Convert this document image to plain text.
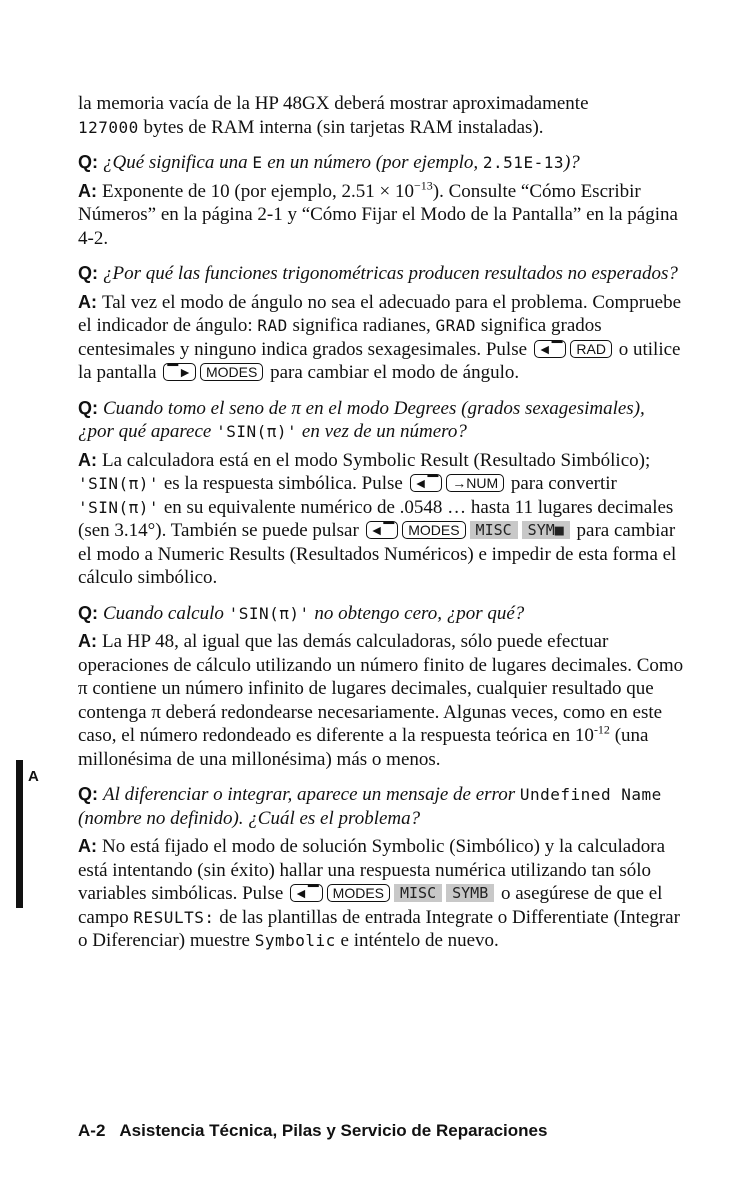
la memoria vacía de la HP 48GX deberá mostrar aproximadamente
127000 bytes de RAM interna (sin tarjetas RAM instaladas).

Q: ¿Qué significa una E en un número (por ejemplo, 2.51E-13)?

A: Exponente de 10 (por ejemplo, $2.51 \times 10^{-13}$). Consulte “Cómo Escribir Números” en la página 2-1 y “Cómo Fijar el Modo de la Pantalla” en la página 4-2.

Q: ¿Por qué las funciones trigonométricas producen resultados no esperados?

A: Tal vez el modo de ángulo no sea el adecuado para el problema. Compruebe el indicador de ángulo: RAD significa radianes, GRAD significa grados centesimales y ninguno indica grados sexagesimales. Pulse ◄▔ RAD o utilice la pantalla ▔► MODES para cambiar el modo de ángulo.

Q: Cuando tomo el seno de π en el modo Degrees (grados sexagesimales), ¿por qué aparece 'SIN(π)' en vez de un número?

A: La calculadora está en el modo Symbolic Result (Resultado Simbólico); 'SIN(π)' es la respuesta simbólica. Pulse ◄▔ →NUM para convertir 'SIN(π)' en su equivalente numérico de .0548 … hasta 11 lugares decimales (sen 3.14°). También se puede pulsar ◄▔ MODES MISC SYM■ para cambiar el modo a Numeric Results (Resultados Numéricos) e impedir de esta forma el cálculo simbólico.

Q: Cuando calculo 'SIN(π)' no obtengo cero, ¿por qué?

A: La HP 48, al igual que las demás calculadoras, sólo puede efectuar operaciones de cálculo utilizando un número finito de lugares decimales. Como π contiene un número infinito de lugares decimales, cualquier resultado que contenga π deberá redondearse necesariamente. Algunas veces, como en este caso, el número redondeado es diferente a la respuesta teórica en $10^{-12}$ (una millonésima de una millonésima) más o menos.

Q: Al diferenciar o integrar, aparece un mensaje de error Undefined Name (nombre no definido). ¿Cuál es el problema?

A: No está fijado el modo de solución Symbolic (Simbólico) y la calculadora está intentando (sin éxito) hallar una respuesta numérica utilizando tan sólo variables simbólicas. Pulse ◄▔ MODES MISC SYMB o asegúrese de que el campo RESULTS: de las plantillas de entrada Integrate o Differentiate (Integrar o Diferenciar) muestre Symbolic e inténtelo de nuevo.

A
A-2 Asistencia Técnica, Pilas y Servicio de Reparaciones
